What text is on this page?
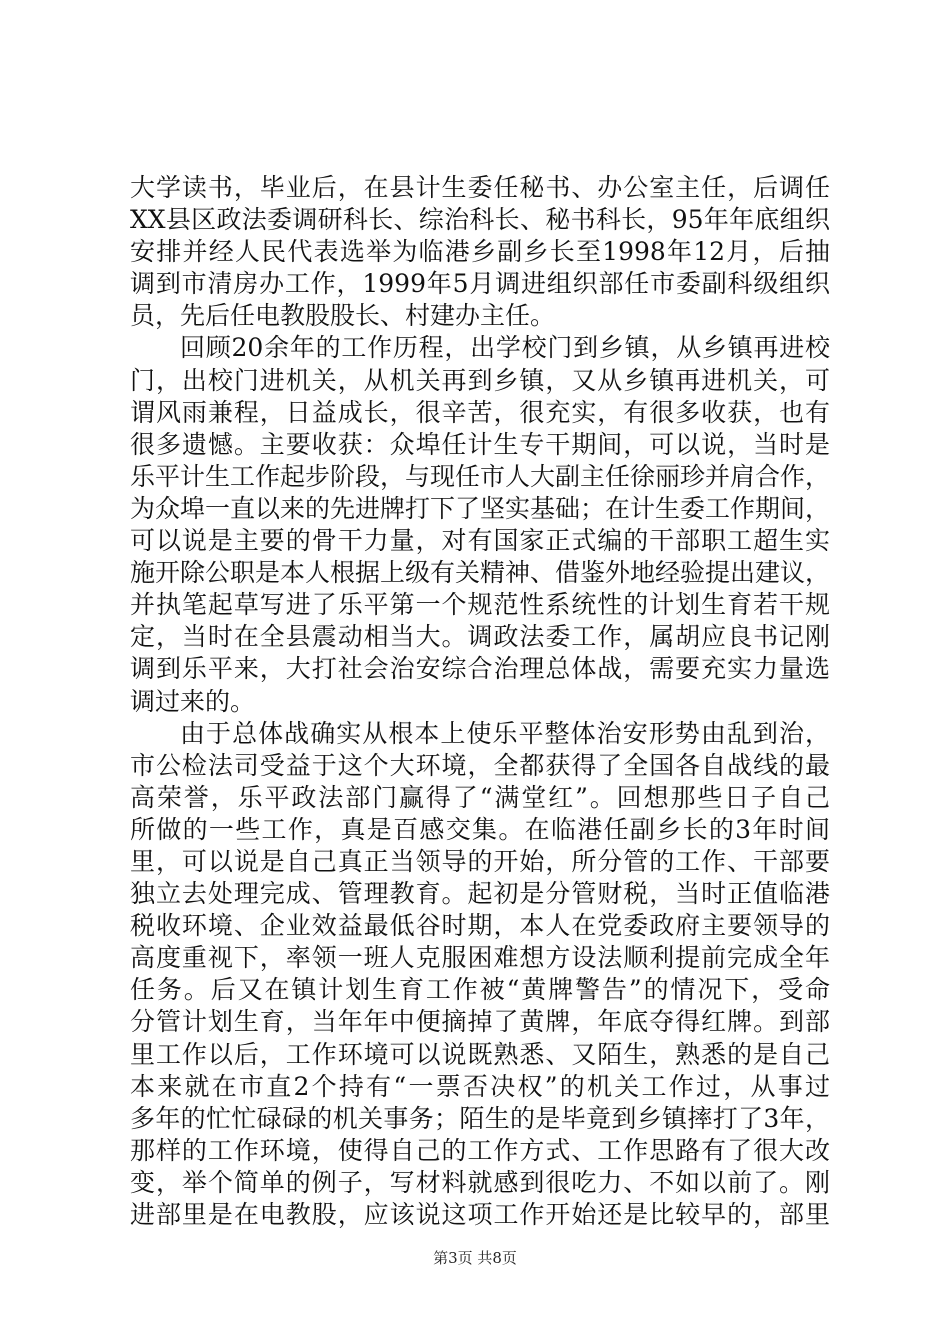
大学读书，毕业后，在县计生委任秘书、办公室主任，后调任
XX县区政法委调研科长、综治科长、秘书科长，95年年底组织
安排并经人民代表选举为临港乡副乡长至1998年12月，后抽
调到市清房办工作，1999年5月调进组织部任市委副科级组织
员，先后任电教股股长、村建办主任。
回顾20余年的工作历程，出学校门到乡镇，从乡镇再进校
门，出校门进机关，从机关再到乡镇，又从乡镇再进机关，可
谓风雨兼程，日益成长，很辛苦，很充实，有很多收获，也有
很多遗憾。主要收获：众埠任计生专干期间，可以说，当时是
乐平计生工作起步阶段，与现任市人大副主任徐丽珍并肩合作，
为众埠一直以来的先进牌打下了坚实基础；在计生委工作期间，
可以说是主要的骨干力量，对有国家正式编的干部职工超生实
施开除公职是本人根据上级有关精神、借鉴外地经验提出建议，
并执笔起草写进了乐平第一个规范性系统性的计划生育若干规
定，当时在全县震动相当大。调政法委工作，属胡应良书记刚
调到乐平来，大打社会治安综合治理总体战，需要充实力量选
调过来的。
由于总体战确实从根本上使乐平整体治安形势由乱到治，
市公检法司受益于这个大环境，全都获得了全国各自战线的最
高荣誉，乐平政法部门赢得了“满堂红”。回想那些日子自己
所做的一些工作，真是百感交集。在临港任副乡长的3年时间
里，可以说是自己真正当领导的开始，所分管的工作、干部要
独立去处理完成、管理教育。起初是分管财税，当时正值临港
税收环境、企业效益最低谷时期，本人在党委政府主要领导的
高度重视下，率领一班人克服困难想方设法顺利提前完成全年
任务。后又在镇计划生育工作被“黄牌警告”的情况下，受命
分管计划生育，当年年中便摘掉了黄牌，年底夺得红牌。到部
里工作以后，工作环境可以说既熟悉、又陌生，熟悉的是自己
本来就在市直2个持有“一票否决权”的机关工作过，从事过
多年的忙忙碌碌的机关事务；陌生的是毕竟到乡镇摔打了3年，
那样的工作环境，使得自己的工作方式、工作思路有了很大改
变，举个简单的例子，写材料就感到很吃力、不如以前了。刚
进部里是在电教股，应该说这项工作开始还是比较早的，部里
第3页 共8页
